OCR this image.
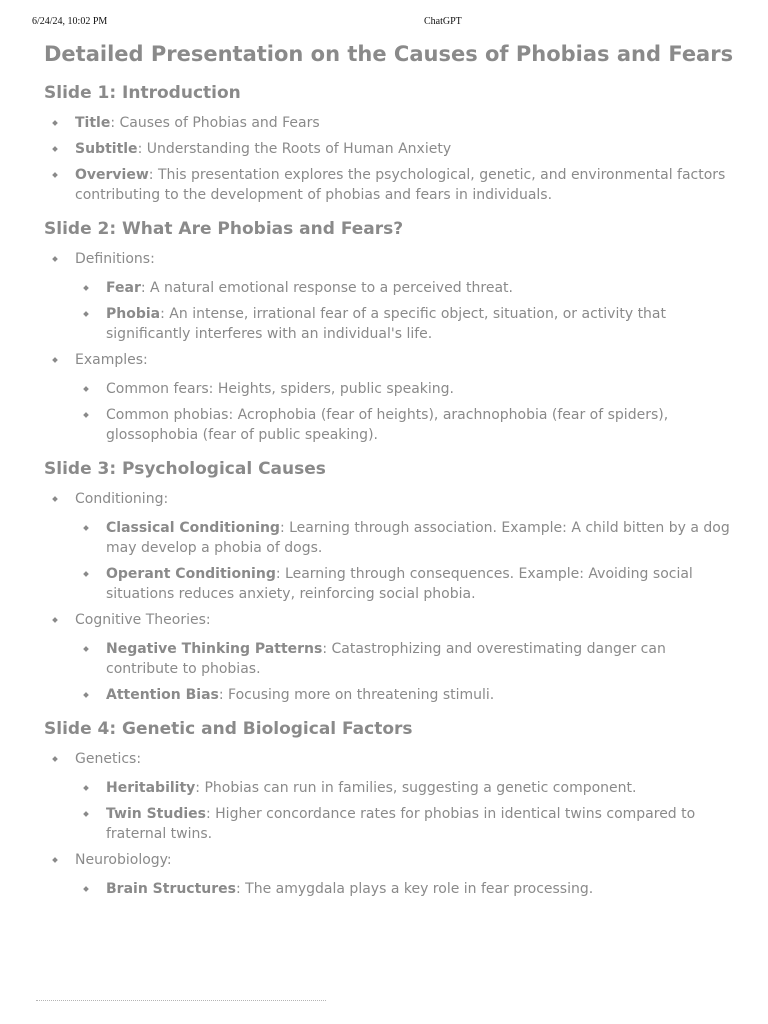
6/24/24, 10:02 PM	ChatGPT
Detailed Presentation on the Causes of Phobias and Fears
Slide 1: Introduction
Title: Causes of Phobias and Fears
Subtitle: Understanding the Roots of Human Anxiety
Overview: This presentation explores the psychological, genetic, and environmental factors contributing to the development of phobias and fears in individuals.
Slide 2: What Are Phobias and Fears?
Definitions:
Fear: A natural emotional response to a perceived threat.
Phobia: An intense, irrational fear of a specific object, situation, or activity that significantly interferes with an individual's life.
Examples:
Common fears: Heights, spiders, public speaking.
Common phobias: Acrophobia (fear of heights), arachnophobia (fear of spiders), glossophobia (fear of public speaking).
Slide 3: Psychological Causes
Conditioning:
Classical Conditioning: Learning through association. Example: A child bitten by a dog may develop a phobia of dogs.
Operant Conditioning: Learning through consequences. Example: Avoiding social situations reduces anxiety, reinforcing social phobia.
Cognitive Theories:
Negative Thinking Patterns: Catastrophizing and overestimating danger can contribute to phobias.
Attention Bias: Focusing more on threatening stimuli.
Slide 4: Genetic and Biological Factors
Genetics:
Heritability: Phobias can run in families, suggesting a genetic component.
Twin Studies: Higher concordance rates for phobias in identical twins compared to fraternal twins.
Neurobiology:
Brain Structures: The amygdala plays a key role in fear processing.
